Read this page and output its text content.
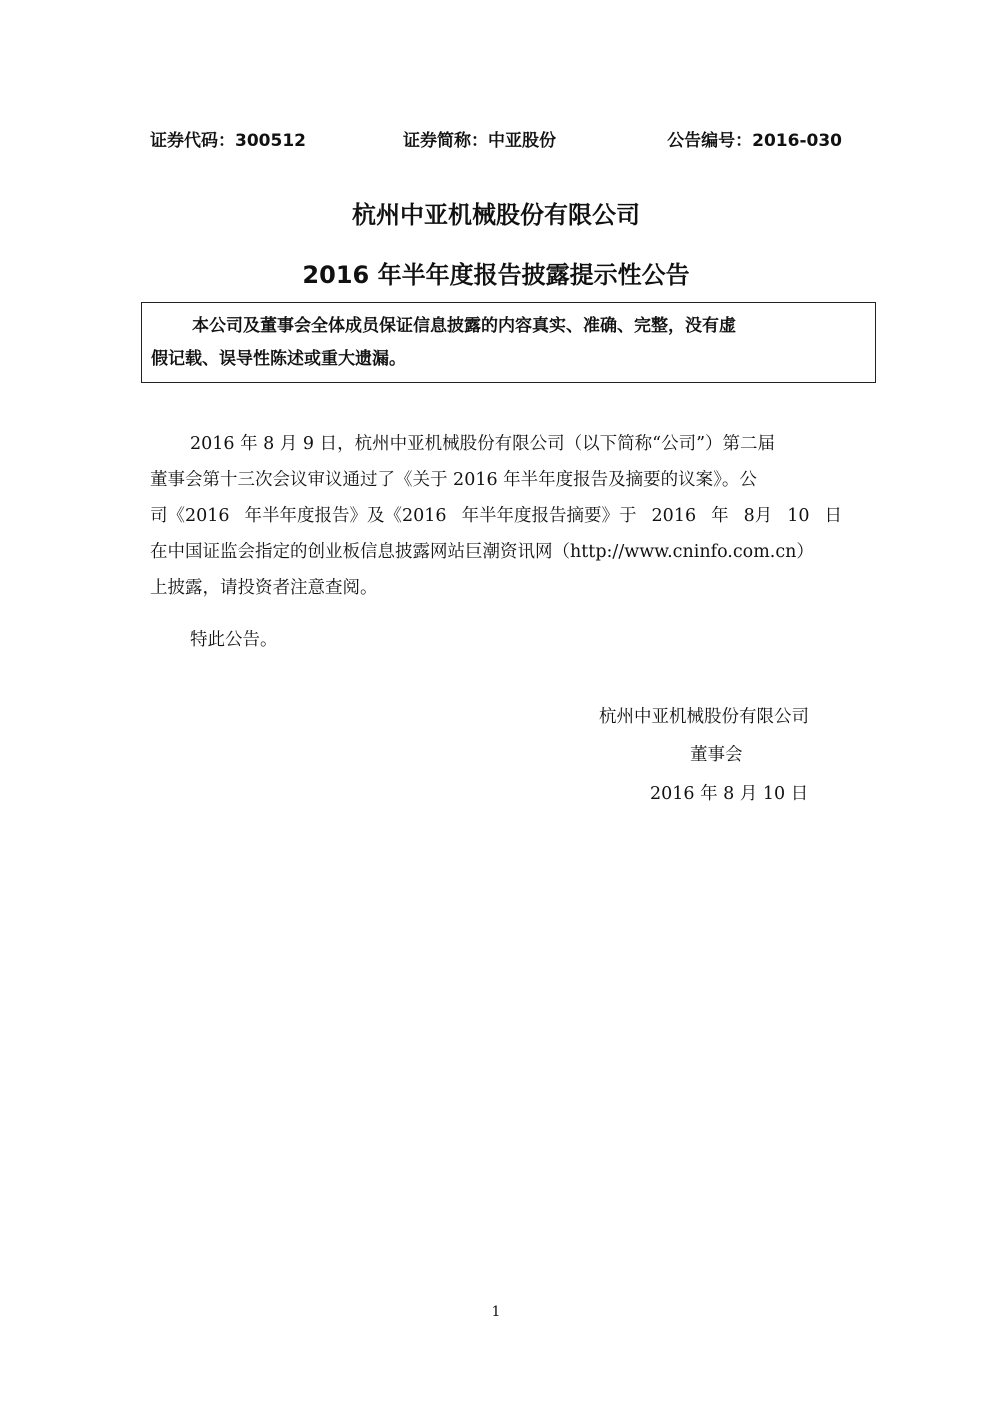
证券代码：300512	证券简称：中亚股份	公告编号：2016-030
杭州中亚机械股份有限公司
2016 年半年度报告披露提示性公告

本公司及董事会全体成员保证信息披露的内容真实、准确、完整，没有虚

假记载、误导性陈述或重大遗漏。

2016 年 8 月 9 日，杭州中亚机械股份有限公司（以下简称“公司”）第二届
董事会第十三次会议审议通过了《关于 2016 年半年度报告及摘要的议案》。公
司《2016 年半年度报告》及《2016 年半年度报告摘要》于 2016 年 8月 10 日
在中国证监会指定的创业板信息披露网站巨潮资讯网（http://www.cninfo.com.cn）
上披露，请投资者注意查阅。
特此公告。
杭州中亚机械股份有限公司
董事会
2016 年 8 月 10 日
1
